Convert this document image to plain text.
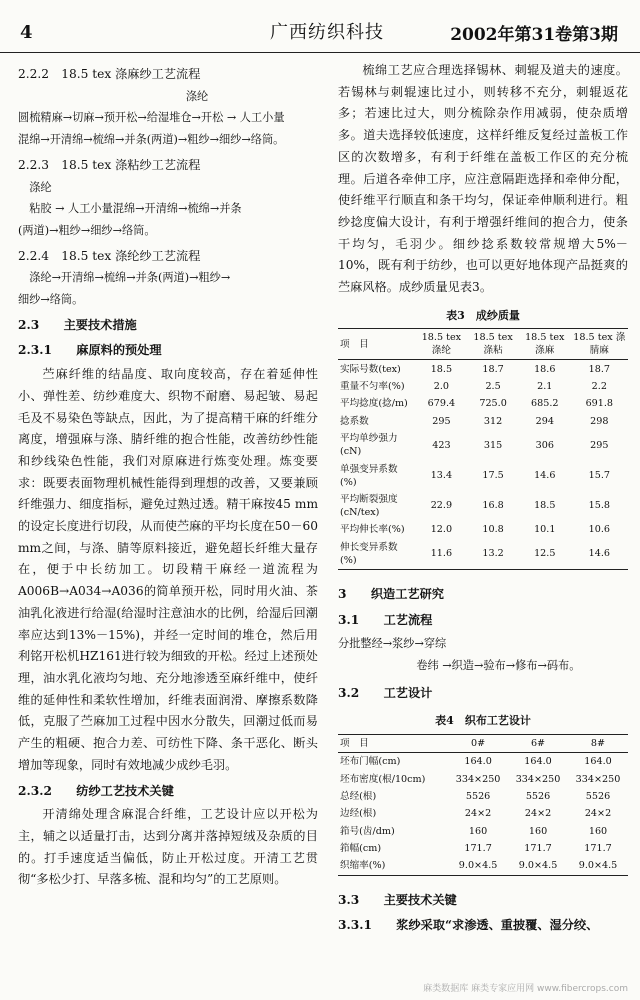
4	广西纺织科技	2002年第31卷第3期

2.2.2　18.5 tex 涤麻纱工艺流程

　　　　　　　　　　　　　　　涤纶

圆梳精麻→切麻→预开松→给湿堆仓→开松 → 人工小量

混绵→开清绵→梳绵→并条(两道)→粗纱→细纱→络筒。

2.2.3　18.5 tex 涤粘纱工艺流程

　涤纶

　粘胶 → 人工小量混绵→开清绵→梳绵→并条

(两道)→粗纱→细纱→络筒。

2.2.4　18.5 tex 涤纶纱工艺流程

　涤纶→开清绵→梳绵→并条(两道)→粗纱→

细纱→络筒。

2.3　　主要技术措施

2.3.1　　麻原料的预处理

苎麻纤维的结晶度、取向度较高，存在着延伸性小、弹性差、纺纱难度大、织物不耐磨、易起皱、易起毛及不易染色等缺点，因此，为了提高精干麻的纤维分离度，增强麻与涤、腈纤维的抱合性能，改善纺纱性能和纱线染色性能，我们对原麻进行炼变处理。炼变要求：既要表面物理机械性能得到理想的改善，又要兼顾纤维强力、细度指标，避免过熟过透。精干麻按45 mm的设定长度进行切段，从而使苎麻的平均长度在50－60 mm之间，与涤、腈等原料接近，避免超长纤维大量存在，便于中长纺加工。切段精干麻经一道流程为A006B→A034→A036的简单预开松，同时用火油、茶油乳化液进行给湿(给湿时注意油水的比例，给湿后回潮率应达到13%－15%)，并经一定时间的堆仓，然后用利铭开松机HZ161进行较为细致的开松。经过上述预处理，油水乳化液均匀地、充分地渗透至麻纤维中，使纤维的延伸性和柔软性增加，纤维表面润滑、摩擦系数降低，克服了苎麻加工过程中因水分散失，回潮过低而易产生的粗硬、抱合力差、可纺性下降、条干恶化、断头增加等现象，同时有效地减少成纱毛羽。

2.3.2　　纺纱工艺技术关键

开清绵处理含麻混合纤维，工艺设计应以开松为主，辅之以适量打击，达到分离并落掉短绒及杂质的目的。打手速度适当偏低，防止开松过度。开清工艺贯彻“多松少打、早落多梳、混和均匀”的工艺原则。

梳绵工艺应合理选择锡林、刺辊及道夫的速度。若锡林与刺辊速比过小，则转移不充分，刺辊返花多；若速比过大，则分梳除杂作用减弱，使杂质增多。道夫选择较低速度，这样纤维反复经过盖板工作区的次数增多，有利于纤维在盖板工作区的充分梳理。后道各牵伸工序，应注意隔距选择和牵伸分配，使纤维平行顺直和条干均匀，保证牵伸顺利进行。粗纱捻度偏大设计，有利于增强纤维间的抱合力，使条干均匀，毛羽少。细纱捻系数较常规增大5%－10%，既有利于纺纱，也可以更好地体现产品挺爽的苎麻风格。成纱质量见表3。

表3　成纱质量

项　目	18.5 tex 涤纶	18.5 tex 涤粘	18.5 tex 涤麻	18.5 tex 涤腈麻
实际号数(tex)	18.5	18.7	18.6	18.7
重量不匀率(%)	2.0	2.5	2.1	2.2
平均捻度(捻/m)	679.4	725.0	685.2	691.8
捻系数	295	312	294	298
平均单纱强力(cN)	423	315	306	295
单强变异系数(%)	13.4	17.5	14.6	15.7
平均断裂强度(cN/tex)	22.9	16.8	18.5	15.8
平均伸长率(%)	12.0	10.8	10.1	10.6
伸长变异系数(%)	11.6	13.2	12.5	14.6

3　　织造工艺研究

3.1　　工艺流程

分批整经→浆纱→穿综

　　　　　　　卷纬 →织造→验布→修布→码布。

3.2　　工艺设计

表4　织布工艺设计

项　目	0#	6#	8#
坯布门幅(cm)	164.0	164.0	164.0
坯布密度(根/10cm)	334×250	334×250	334×250
总经(根)	5526	5526	5526
边经(根)	24×2	24×2	24×2
筘号(齿/dm)	160	160	160
筘幅(cm)	171.7	171.7	171.7
织缩率(%)	9.0×4.5	9.0×4.5	9.0×4.5

3.3　　主要技术关键

3.3.1　　浆纱采取“求渗透、重披覆、湿分绞、

麻类数据库 麻类专家应用网 www.fibercrops.com
